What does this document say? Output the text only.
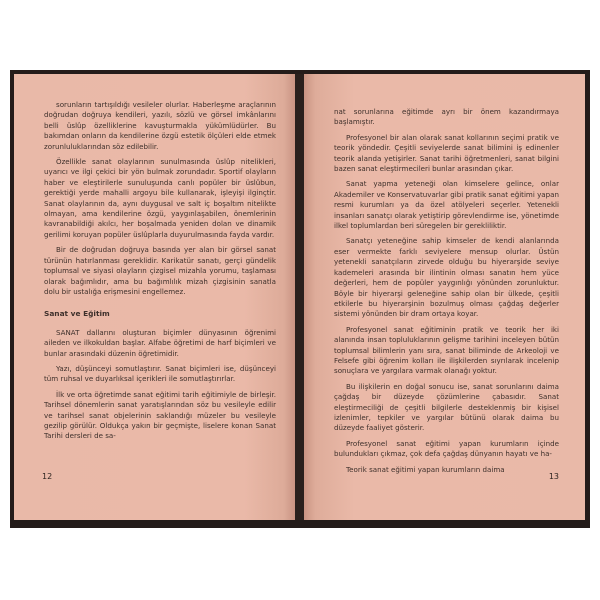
sorunların tartışıldığı vesileler olurlar. Haberleşme araçlarının doğrudan doğruya kendileri, yazılı, sözlü ve görsel imkânlarını belli üslûp özelliklerine kavuşturmakla yükümlüdürler. Bu bakımdan onların da kendilerine özgü estetik ölçüleri elde etmek zorunluluklarından söz edilebilir.

Özellikle sanat olaylarının sunulmasında üslûp nitelikleri, uyarıcı ve ilgi çekici bir yön bulmak zorundadır. Sportif olayların haber ve eleştirilerle sunuluşunda canlı popüler bir üslûbun, gerektiği yerde mahalli argoyu bile kullanarak, işleyişi ilginçtir. Sanat olaylarının da, aynı duygusal ve salt iç boşaltım nitelikte olmayan, ama kendilerine özgü, yaygınlaşabilen, önemlerinin kavranabildiği akılcı, her boşalmada yeniden dolan ve dinamik gerilimi koruyan popüler üslûplarla duyurulmasında fayda vardır.

Bir de doğrudan doğruya basında yer alan bir görsel sanat türünün hatırlanması gereklidir. Karikatür sanatı, gerçi gündelik toplumsal ve siyasi olayların çizgisel mizahla yorumu, taşlaması olarak bağımlıdır, ama bu bağımlılık mizah çizgisinin sanatla dolu bir ustalığa erişmesini engellemez.

Sanat ve Eğitim

SANAT dallarını oluşturan biçimler dünyasının öğrenimi aileden ve ilkokuldan başlar. Alfabe öğretimi de harf biçimleri ve bunlar arasındaki düzenin öğretimidir.

Yazı, düşünceyi somutlaştırır. Sanat biçimleri ise, düşünceyi tüm ruhsal ve duyarlıksal içerikleri ile somutlaştırırlar.

İlk ve orta öğretimde sanat eğitimi tarih eğitimiyle de birleşir. Tarihsel dönemlerin sanat yaratışlarından söz bu vesileyle edilir ve tarihsel sanat objelerinin saklandığı müzeler bu vesileyle gezilip görülür. Oldukça yakın bir geçmişte, liselere konan Sanat Tarihi dersleri de sa-

12

nat sorunlarına eğitimde ayrı bir önem kazandırmaya başlamıştır.

Profesyonel bir alan olarak sanat kollarının seçimi pratik ve teorik yöndedir. Çeşitli seviyelerde sanat bilimini iş edinenler teorik alanda yetişirler. Sanat tarihi öğretmenleri, sanat bilgini bazen sanat eleştirmecileri bunlar arasından çıkar.

Sanat yapma yeteneği olan kimselere gelince, onlar Akademiler ve Konservatuvarlar gibi pratik sanat eğitimi yapan resmi kurumları ya da özel atölyeleri seçerler. Yetenekli insanları sanatçı olarak yetiştirip görevlendirme ise, yönetimde ilkel toplumlardan beri süregelen bir gerekliliktir.

Sanatçı yeteneğine sahip kimseler de kendi alanlarında eser vermekte farklı seviyelere mensup olurlar. Üstün yetenekli sanatçıların zirvede olduğu bu hiyerarşide seviye kademeleri arasında bir ilintinin olması sanatın hem yüce değerleri, hem de popüler yaygınlığı yönünden zorunluktur. Böyle bir hiyerarşi geleneğine sahip olan bir ülkede, çeşitli etkilerle bu hiyerarşinin bozulmuş olması çağdaş değerler sistemi yönünden bir dram ortaya koyar.

Profesyonel sanat eğitiminin pratik ve teorik her iki alanında insan topluluklarının gelişme tarihini inceleyen bütün toplumsal bilimlerin yanı sıra, sanat biliminde de Arkeoloji ve Felsefe gibi öğrenim kolları ile ilişkilerden sıyrılarak incelenip sonuçlara ve yargılara varmak olanağı yoktur.

Bu ilişkilerin en doğal sonucu ise, sanat sorunlarını daima çağdaş bir düzeyde çözümlerine çabasıdır. Sanat eleştirmeciliği de çeşitli bilgilerle desteklenmiş bir kişisel izlenimler, tepkiler ve yargılar bütünü olarak daima bu düzeyde faaliyet gösterir.

Profesyonel sanat eğitimi yapan kurumların içinde bulundukları çıkmaz, çok defa çağdaş dünyanın hayatı ve ha-

Teorik sanat eğitimi yapan kurumların daima

13
